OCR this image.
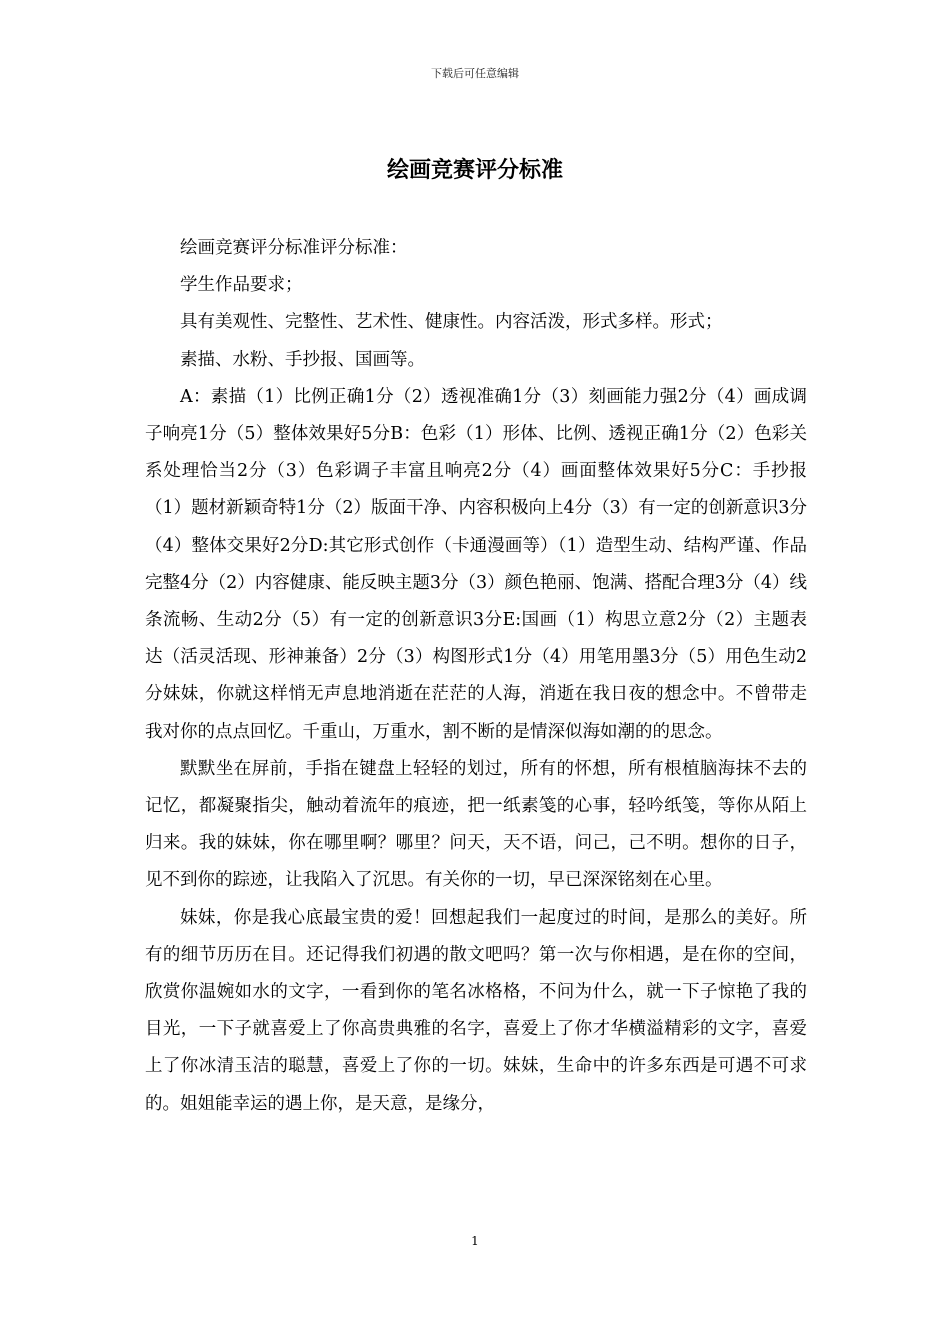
下载后可任意编辑
绘画竞赛评分标准

绘画竞赛评分标准评分标准：

学生作品要求；

具有美观性、完整性、艺术性、健康性。内容活泼，形式多样。形式；

素描、水粉、手抄报、国画等。

A：素描（1）比例正确1分（2）透视准确1分（3）刻画能力强2分（4）画成调子响亮1分（5）整体效果好5分B：色彩（1）形体、比例、透视正确1分（2）色彩关系处理恰当2分（3）色彩调子丰富且响亮2分（4）画面整体效果好5分C：手抄报（1）题材新颖奇特1分（2）版面干净、内容积极向上4分（3）有一定的创新意识3分（4）整体交果好2分D:其它形式创作（卡通漫画等）（1）造型生动、结构严谨、作品完整4分（2）内容健康、能反映主题3分（3）颜色艳丽、饱满、搭配合理3分（4）线条流畅、生动2分（5）有一定的创新意识3分E:国画（1）构思立意2分（2）主题表达（活灵活现、形神兼备）2分（3）构图形式1分（4）用笔用墨3分（5）用色生动2分妹妹，你就这样悄无声息地消逝在茫茫的人海，消逝在我日夜的想念中。不曾带走我对你的点点回忆。千重山，万重水，割不断的是情深似海如潮的的思念。

默默坐在屏前，手指在键盘上轻轻的划过，所有的怀想，所有根植脑海抹不去的记忆，都凝聚指尖，触动着流年的痕迹，把一纸素笺的心事，轻吟纸笺，等你从陌上归来。我的妹妹，你在哪里啊？哪里？问天，天不语，问己，己不明。想你的日子，见不到你的踪迹，让我陷入了沉思。有关你的一切，早已深深铭刻在心里。

妹妹，你是我心底最宝贵的爱！回想起我们一起度过的时间，是那么的美好。所有的细节历历在目。还记得我们初遇的散文吧吗？第一次与你相遇，是在你的空间，欣赏你温婉如水的文字，一看到你的笔名冰格格，不问为什么，就一下子惊艳了我的目光，一下子就喜爱上了你高贵典雅的名字，喜爱上了你才华横溢精彩的文字，喜爱上了你冰清玉洁的聪慧，喜爱上了你的一切。妹妹，生命中的许多东西是可遇不可求的。姐姐能幸运的遇上你，是天意，是缘分，

1
